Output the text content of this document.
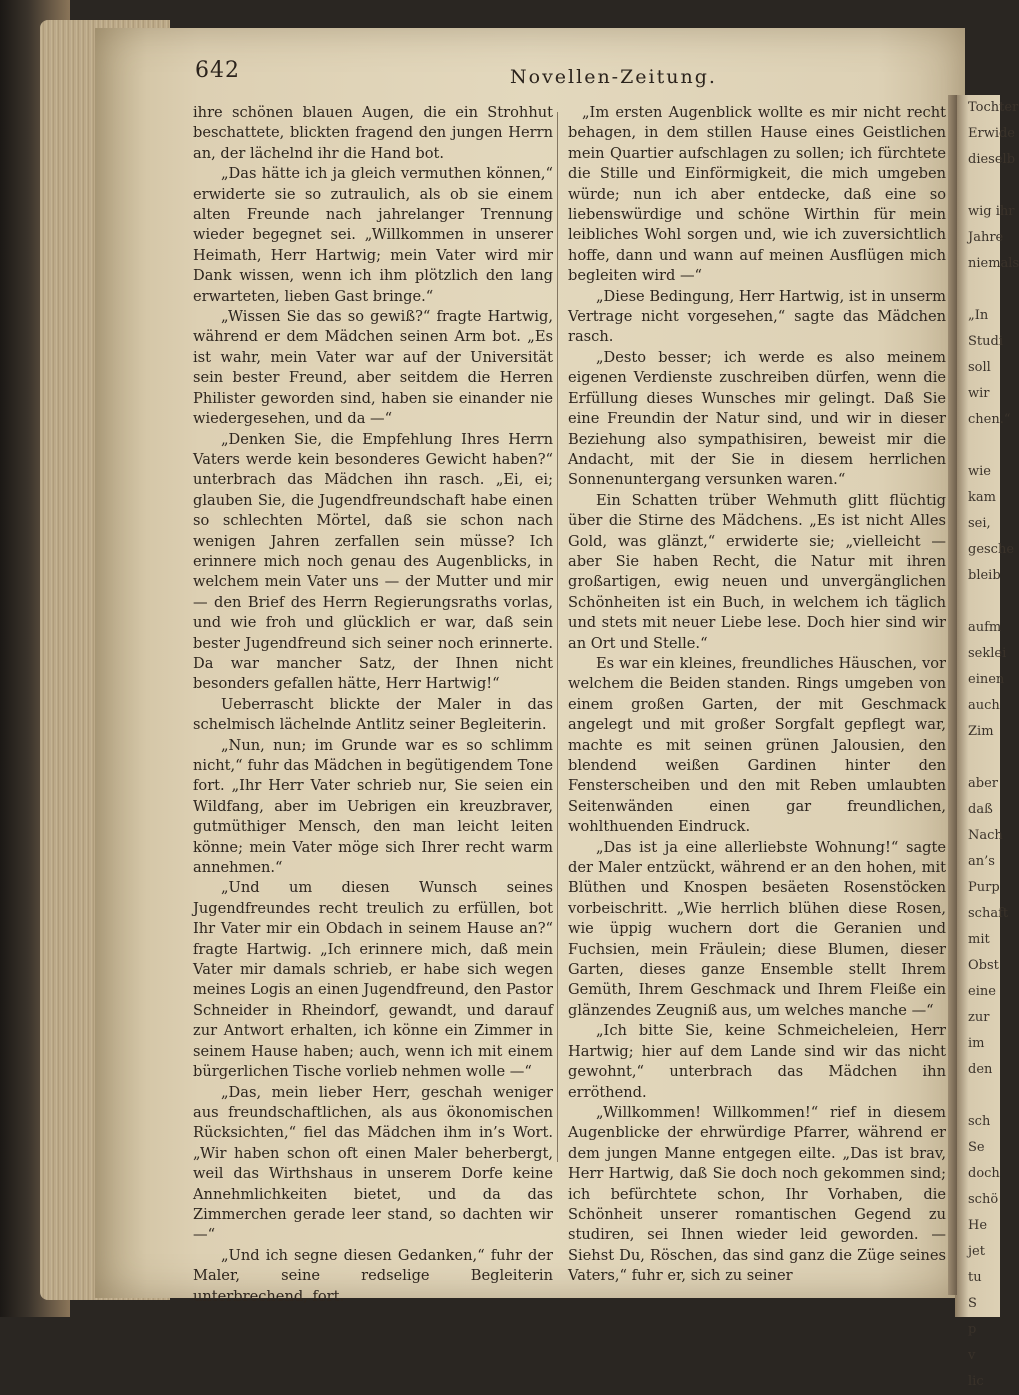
Tochter
Erwide
dieselb
wig ihr
Jahre
niemals
„In
Studi
soll
wir
chen.“
wie
kam
sei,
gesche
bleib
aufm
seklei
einen
auch
Zim
aber
daß
Nach
an’s
Purp
schaft
mit
Obst
eine
zur
im
den
sch
Se
doch
schö
He
jet
tu
S
p
v
lic
642	Novellen-Zeitung.

ihre schönen blauen Augen, die ein Strohhut beschattete, blickten fragend den jungen Herrn an, der lächelnd ihr die Hand bot.

„Das hätte ich ja gleich vermuthen können,“ erwiderte sie so zutraulich, als ob sie einem alten Freunde nach jahrelanger Trennung wieder begegnet sei. „Willkommen in unserer Heimath, Herr Hartwig; mein Vater wird mir Dank wissen, wenn ich ihm plötzlich den lang erwarteten, lieben Gast bringe.“

„Wissen Sie das so gewiß?“ fragte Hartwig, während er dem Mädchen seinen Arm bot. „Es ist wahr, mein Vater war auf der Universität sein bester Freund, aber seitdem die Herren Philister geworden sind, haben sie einander nie wiedergesehen, und da —“

„Denken Sie, die Empfehlung Ihres Herrn Vaters werde kein besonderes Gewicht haben?“ unterbrach das Mädchen ihn rasch. „Ei, ei; glauben Sie, die Jugendfreundschaft habe einen so schlechten Mörtel, daß sie schon nach wenigen Jahren zerfallen sein müsse? Ich erinnere mich noch genau des Augenblicks, in welchem mein Vater uns — der Mutter und mir — den Brief des Herrn Regierungsraths vorlas, und wie froh und glücklich er war, daß sein bester Jugendfreund sich seiner noch erinnerte. Da war mancher Satz, der Ihnen nicht besonders gefallen hätte, Herr Hartwig!“

Ueberrascht blickte der Maler in das schelmisch lächelnde Antlitz seiner Begleiterin.

„Nun, nun; im Grunde war es so schlimm nicht,“ fuhr das Mädchen in begütigendem Tone fort. „Ihr Herr Vater schrieb nur, Sie seien ein Wildfang, aber im Uebrigen ein kreuzbraver, gutmüthiger Mensch, den man leicht leiten könne; mein Vater möge sich Ihrer recht warm annehmen.“

„Und um diesen Wunsch seines Jugendfreundes recht treulich zu erfüllen, bot Ihr Vater mir ein Obdach in seinem Hause an?“ fragte Hartwig. „Ich erinnere mich, daß mein Vater mir damals schrieb, er habe sich wegen meines Logis an einen Jugendfreund, den Pastor Schneider in Rheindorf, gewandt, und darauf zur Antwort erhalten, ich könne ein Zimmer in seinem Hause haben; auch, wenn ich mit einem bürgerlichen Tische vorlieb nehmen wolle —“

„Das, mein lieber Herr, geschah weniger aus freundschaftlichen, als aus ökonomischen Rücksichten,“ fiel das Mädchen ihm in’s Wort. „Wir haben schon oft einen Maler beherbergt, weil das Wirthshaus in unserem Dorfe keine Annehmlichkeiten bietet, und da das Zimmerchen gerade leer stand, so dachten wir —“

„Und ich segne diesen Gedanken,“ fuhr der Maler, seine redselige Begleiterin unterbrechend, fort.

„Im ersten Augenblick wollte es mir nicht recht behagen, in dem stillen Hause eines Geistlichen mein Quartier aufschlagen zu sollen; ich fürchtete die Stille und Einförmigkeit, die mich umgeben würde; nun ich aber entdecke, daß eine so liebenswürdige und schöne Wirthin für mein leibliches Wohl sorgen und, wie ich zuversichtlich hoffe, dann und wann auf meinen Ausflügen mich begleiten wird —“

„Diese Bedingung, Herr Hartwig, ist in unserm Vertrage nicht vorgesehen,“ sagte das Mädchen rasch.

„Desto besser; ich werde es also meinem eigenen Verdienste zuschreiben dürfen, wenn die Erfüllung dieses Wunsches mir gelingt. Daß Sie eine Freundin der Natur sind, und wir in dieser Beziehung also sympathisiren, beweist mir die Andacht, mit der Sie in diesem herrlichen Sonnenuntergang versunken waren.“

Ein Schatten trüber Wehmuth glitt flüchtig über die Stirne des Mädchens. „Es ist nicht Alles Gold, was glänzt,“ erwiderte sie; „vielleicht — aber Sie haben Recht, die Natur mit ihren großartigen, ewig neuen und unvergänglichen Schönheiten ist ein Buch, in welchem ich täglich und stets mit neuer Liebe lese. Doch hier sind wir an Ort und Stelle.“

Es war ein kleines, freundliches Häuschen, vor welchem die Beiden standen. Rings umgeben von einem großen Garten, der mit Geschmack angelegt und mit großer Sorgfalt gepflegt war, machte es mit seinen grünen Jalousien, den blendend weißen Gardinen hinter den Fensterscheiben und den mit Reben umlaubten Seitenwänden einen gar freundlichen, wohlthuenden Eindruck.

„Das ist ja eine allerliebste Wohnung!“ sagte der Maler entzückt, während er an den hohen, mit Blüthen und Knospen besäeten Rosenstöcken vorbeischritt. „Wie herrlich blühen diese Rosen, wie üppig wuchern dort die Geranien und Fuchsien, mein Fräulein; diese Blumen, dieser Garten, dieses ganze Ensemble stellt Ihrem Gemüth, Ihrem Geschmack und Ihrem Fleiße ein glänzendes Zeugniß aus, um welches manche —“

„Ich bitte Sie, keine Schmeicheleien, Herr Hartwig; hier auf dem Lande sind wir das nicht gewohnt,“ unterbrach das Mädchen ihn erröthend.

„Willkommen! Willkommen!“ rief in diesem Augenblicke der ehrwürdige Pfarrer, während er dem jungen Manne entgegen eilte. „Das ist brav, Herr Hartwig, daß Sie doch noch gekommen sind; ich befürchtete schon, Ihr Vorhaben, die Schönheit unserer romantischen Gegend zu studiren, sei Ihnen wieder leid geworden. — Siehst Du, Röschen, das sind ganz die Züge seines Vaters,“ fuhr er, sich zu seiner
